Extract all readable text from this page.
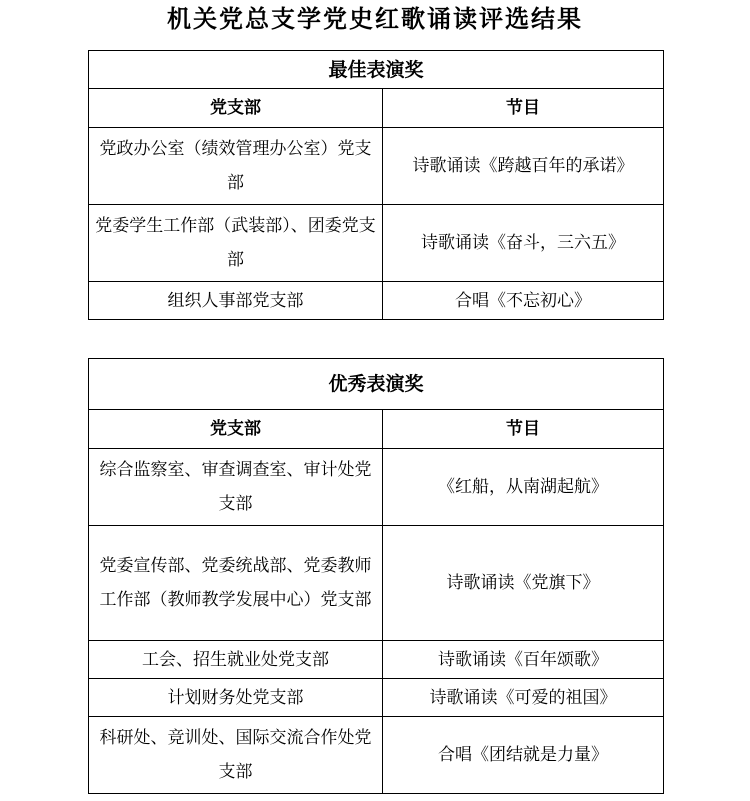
机关党总支学党史红歌诵读评选结果
最佳表演奖	
党支部	节目
党政办公室（绩效管理办公室）党支部	诗歌诵读《跨越百年的承诺》
党委学生工作部（武装部）、团委党支部	诗歌诵读《奋斗，三六五》
组织人事部党支部	合唱《不忘初心》
优秀表演奖	
党支部	节目
综合监察室、审查调查室、审计处党支部	《红船，从南湖起航》
党委宣传部、党委统战部、党委教师工作部（教师教学发展中心）党支部	诗歌诵读《党旗下》
工会、招生就业处党支部	诗歌诵读《百年颂歌》
计划财务处党支部	诗歌诵读《可爱的祖国》
科研处、竞训处、国际交流合作处党支部	合唱《团结就是力量》
